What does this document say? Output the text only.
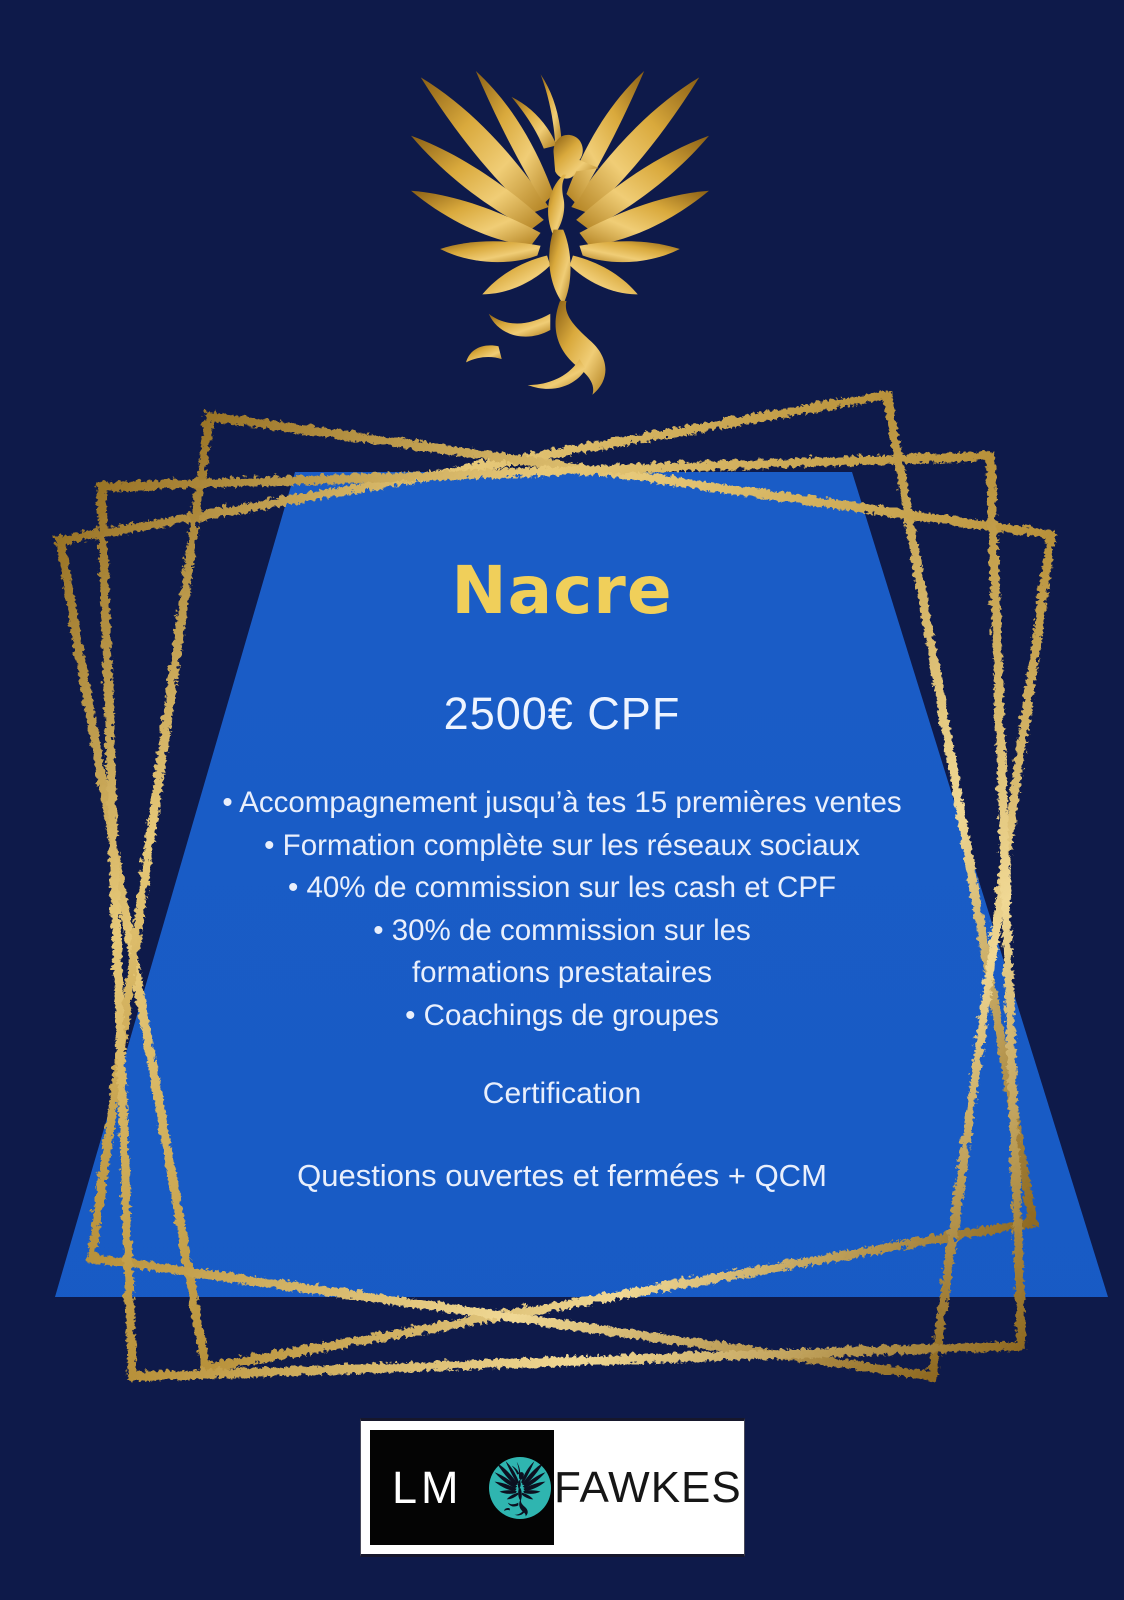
Nacre
2500€ CPF
• Accompagnement jusqu’à tes 15 premières ventes
• Formation complète sur les réseaux sociaux
• 40% de commission sur les cash et CPF
• 30% de commission sur les
formations prestataires
• Coachings de groupes
Certification
Questions ouvertes et fermées + QCM
LM FAWKES
